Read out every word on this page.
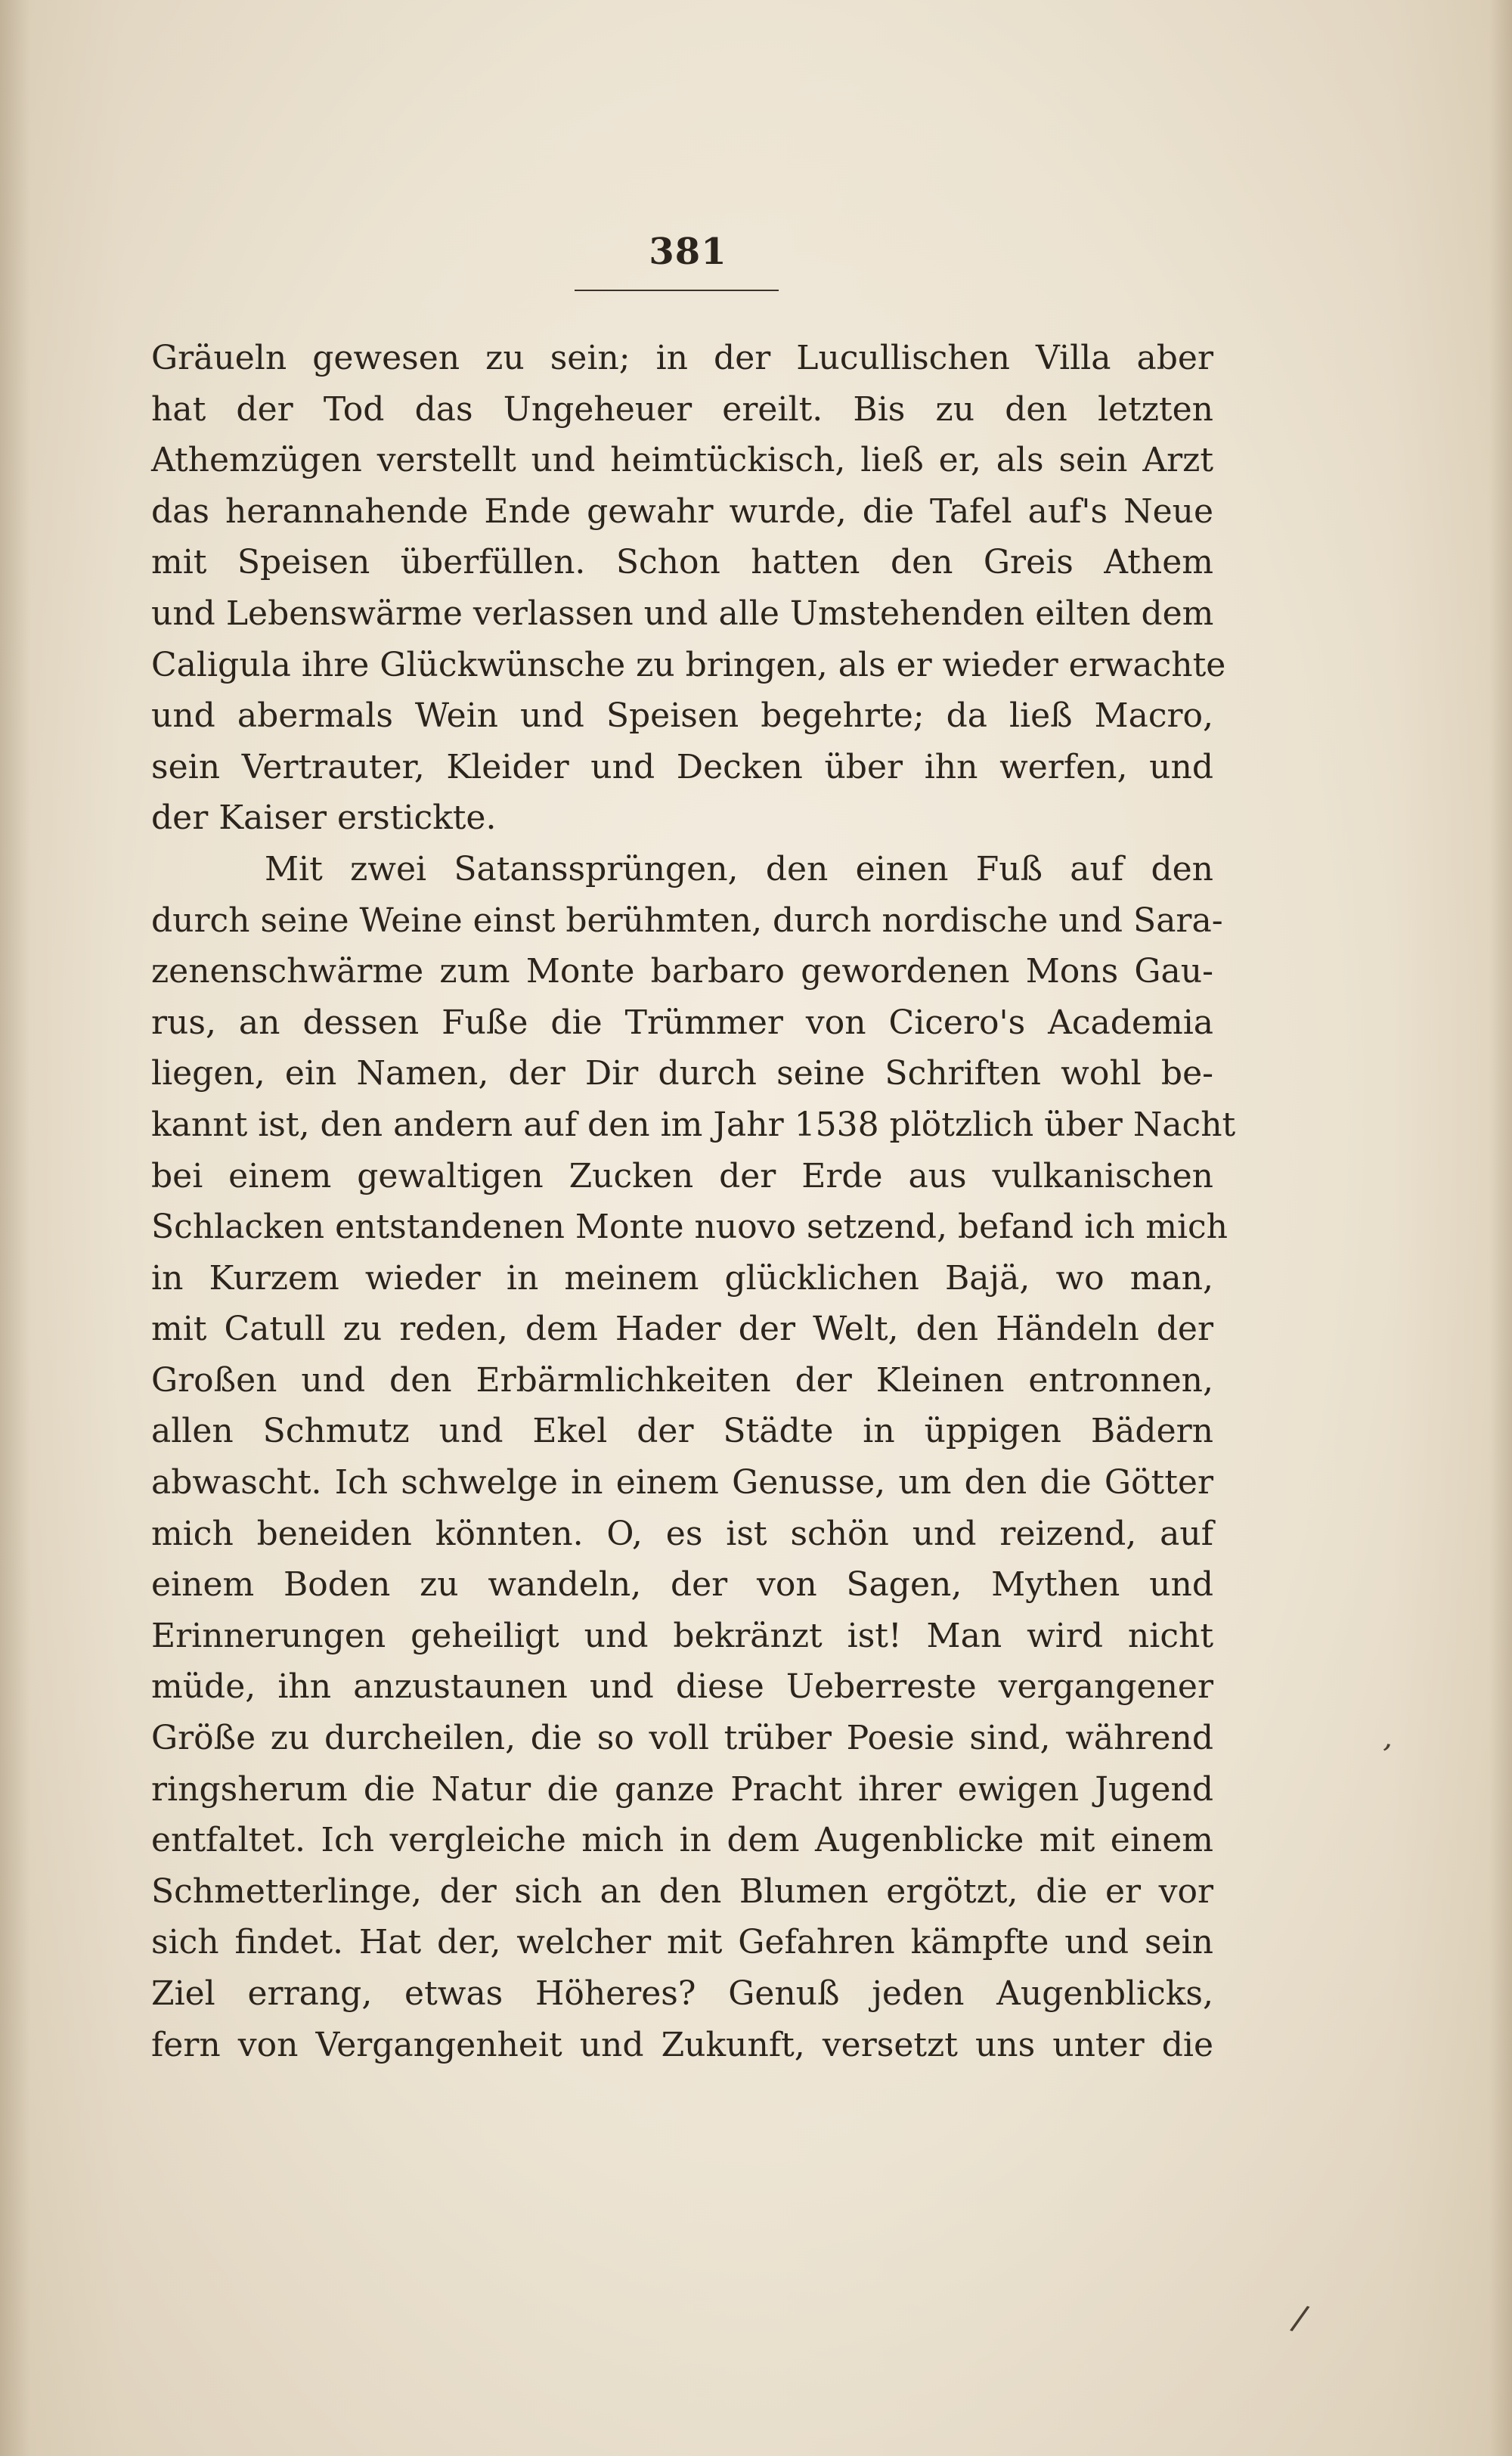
381
Gräueln gewesen zu sein; in der Lucullischen Villa aber
hat der Tod das Ungeheuer ereilt. Bis zu den letzten
Athemzügen verstellt und heimtückisch, ließ er, als sein Arzt
das herannahende Ende gewahr wurde, die Tafel auf's Neue
mit Speisen überfüllen. Schon hatten den Greis Athem
und Lebenswärme verlassen und alle Umstehenden eilten dem
Caligula ihre Glückwünsche zu bringen, als er wieder erwachte
und abermals Wein und Speisen begehrte; da ließ Macro,
sein Vertrauter, Kleider und Decken über ihn werfen, und
der Kaiser erstickte.
Mit zwei Satanssprüngen, den einen Fuß auf den
durch seine Weine einst berühmten, durch nordische und Sara-
zenenschwärme zum Monte barbaro gewordenen Mons Gau-
rus, an dessen Fuße die Trümmer von Cicero's Academia
liegen, ein Namen, der Dir durch seine Schriften wohl be-
kannt ist, den andern auf den im Jahr 1538 plötzlich über Nacht
bei einem gewaltigen Zucken der Erde aus vulkanischen
Schlacken entstandenen Monte nuovo setzend, befand ich mich
in Kurzem wieder in meinem glücklichen Bajä, wo man,
mit Catull zu reden, dem Hader der Welt, den Händeln der
Großen und den Erbärmlichkeiten der Kleinen entronnen,
allen Schmutz und Ekel der Städte in üppigen Bädern
abwascht. Ich schwelge in einem Genusse, um den die Götter
mich beneiden könnten. O, es ist schön und reizend, auf
einem Boden zu wandeln, der von Sagen, Mythen und
Erinnerungen geheiligt und bekränzt ist! Man wird nicht
müde, ihn anzustaunen und diese Ueberreste vergangener
Größe zu durcheilen, die so voll trüber Poesie sind, während
ringsherum die Natur die ganze Pracht ihrer ewigen Jugend
entfaltet. Ich vergleiche mich in dem Augenblicke mit einem
Schmetterlinge, der sich an den Blumen ergötzt, die er vor
sich findet. Hat der, welcher mit Gefahren kämpfte und sein
Ziel errang, etwas Höheres? Genuß jeden Augenblicks,
fern von Vergangenheit und Zukunft, versetzt uns unter die
,
/
